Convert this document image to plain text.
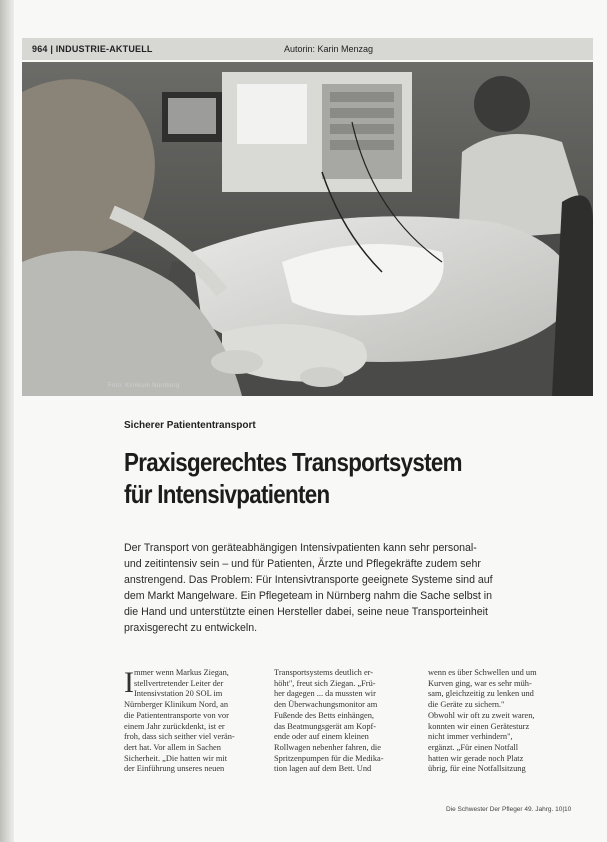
964 | INDUSTRIE-AKTUELL	Autorin: Karin Menzag
Foto: Klinikum Nürnberg
Sicherer Patiententransport
Praxisgerechtes Transportsystem
für Intensivpatienten

Der Transport von geräteabhängigen Intensivpatienten kann sehr personal-
und zeitintensiv sein – und für Patienten, Ärzte und Pflegekräfte zudem sehr
anstrengend. Das Problem: Für Intensivtransporte geeignete Systeme sind auf
dem Markt Mangelware. Ein Pflegeteam in Nürnberg nahm die Sache selbst in
die Hand und unterstützte einen Hersteller dabei, seine neue Transporteinheit
praxisgerecht zu entwickeln.

I mmer wenn Markus Ziegan,
stellvertretender Leiter der
Intensivstation 20 SOL im
Nürnberger Klinikum Nord, an
die Patiententransporte von vor
einem Jahr zurückdenkt, ist er
froh, dass sich seither viel verän-
dert hat. Vor allem in Sachen
Sicherheit. „Die hatten wir mit
der Einführung unseres neuen
Transportsystems deutlich er-
höht", freut sich Ziegan. „Frü-
her dagegen ... da mussten wir
den Überwachungsmonitor am
Fußende des Betts einhängen,
das Beatmungsgerät am Kopf-
ende oder auf einem kleinen
Rollwagen nebenher fahren, die
Spritzenpumpen für die Medika-
tion lagen auf dem Bett. Und
wenn es über Schwellen und um
Kurven ging, war es sehr müh-
sam, gleichzeitig zu lenken und
die Geräte zu sichern."
Obwohl wir oft zu zweit waren,
konnten wir einen Gerätesturz
nicht immer verhindern",
ergänzt. „Für einen Notfall
hatten wir gerade noch Platz
übrig, für eine Notfallsitzung
Die Schwester Der Pfleger 49. Jahrg. 10|10
